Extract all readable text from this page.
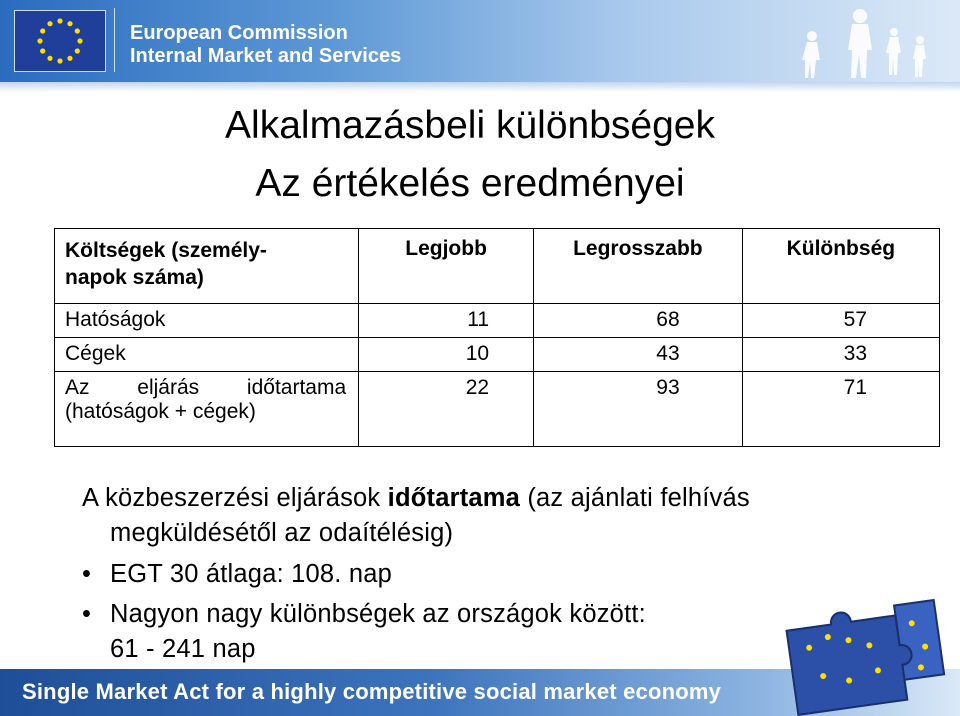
European Commission
Internal Market and Services
Alkalmazásbeli különbségek
Az értékelés eredményei
Költségek (személy-
napok száma)	Legjobb	Legrosszabb	Különbség
Hatóságok	11	68	57
Cégek	10	43	33

Az eljárás időtartama
(hatóságok + cégek)	22	93	71
A közbeszerzési eljárások időtartama (az ajánlati felhívás
megküldésétől az odaítélésig)
• EGT 30 átlaga: 108. nap
• Nagyon nagy különbségek az országok között:
61 - 241 nap
Single Market Act for a highly competitive social market economy
